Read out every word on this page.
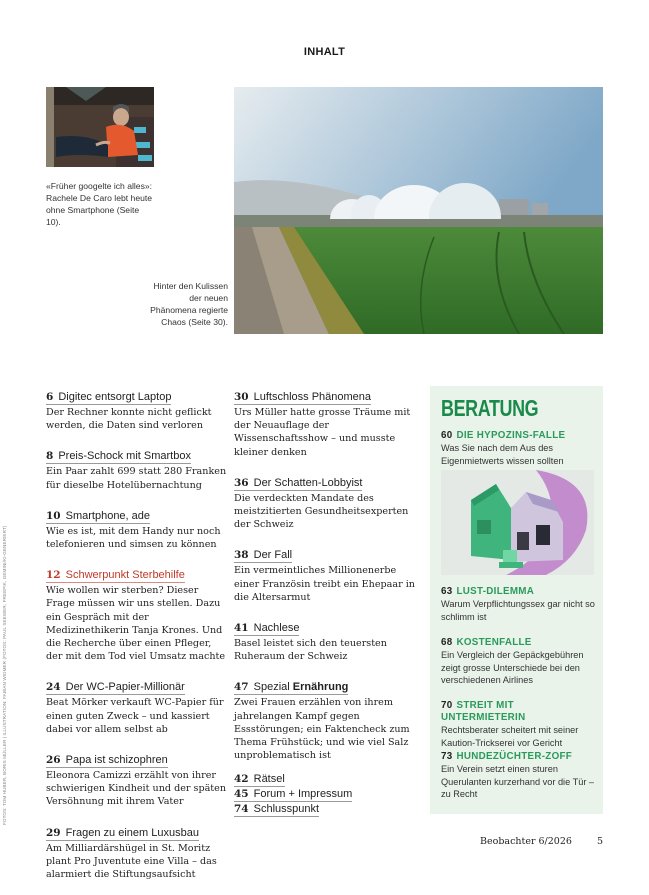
INHALT
«Früher googelte ich alles»: Rachele De Caro lebt heute ohne Smartphone (Seite 10).
Hinter den Kulissen der neuen Phänomena regierte Chaos (Seite 30).
6 Digitec entsorgt Laptop
Der Rechner konnte nicht geflickt werden, die Daten sind verloren
8 Preis-Schock mit Smartbox
Ein Paar zahlt 699 statt 280 Franken für dieselbe Hotelübernachtung
10 Smartphone, ade
Wie es ist, mit dem Handy nur noch telefonieren und simsen zu können
12 Schwerpunkt Sterbehilfe
Wie wollen wir sterben? Dieser Frage müssen wir uns stellen. Dazu ein Gespräch mit der Medizinethikerin Tanja Krones. Und die Recherche über einen Pfleger, der mit dem Tod viel Umsatz machte
24 Der WC-Papier-Millionär
Beat Mörker verkauft WC-Papier für einen guten Zweck – und kassiert dabei vor allem selbst ab
26 Papa ist schizophren
Eleonora Camizzi erzählt von ihrer schwierigen Kindheit und der späten Versöhnung mit ihrem Vater
29 Fragen zu einem Luxusbau
Am Milliardärshügel in St. Moritz plant Pro Juventute eine Villa – das alarmiert die Stiftungsaufsicht
30 Luftschloss Phänomena
Urs Müller hatte grosse Träume mit der Neuauflage der Wissenschaftsshow – und musste kleiner denken
36 Der Schatten-Lobbyist
Die verdeckten Mandate des meistzitierten Gesundheitsexperten der Schweiz
38 Der Fall
Ein vermeintliches Millionenerbe einer Französin treibt ein Ehepaar in die Altersarmut
41 Nachlese
Basel leistet sich den teuersten Ruheraum der Schweiz
47 Spezial Ernährung
Zwei Frauen erzählen von ihrem jahrelangen Kampf gegen Essstörungen; ein Faktencheck zum Thema Frühstück; und wie viel Salz unproblematisch ist
42 Rätsel
45 Forum + Impressum
74 Schlusspunkt
BERATUNG
60 DIE HYPOZINS-FALLE
Was Sie nach dem Aus des Eigenmietwerts wissen sollten
63 LUST-DILEMMA
Warum Verpflichtungssex gar nicht so schlimm ist
68 KOSTENFALLE
Ein Vergleich der Gepäckgebühren zeigt grosse Unterschiede bei den verschiedenen Airlines
70 STREIT MIT UNTERMIETERIN
Rechtsberater scheitert mit seiner Kaution-Trickserei vor Gericht
73 HUNDEZÜCHTER-ZOFF
Ein Verein setzt einen sturen Querulanten kurzerhand vor die Tür – zu Recht
Beobachter 6/2026	5
FOTOS: TOM HUBER, BORIS MÜLLER | ILLUSTRATION: FABIAN WIDMER (FOTOS: PAUL SEEWER, FREEPIK, GEMINI/KI-GENERIERT)
